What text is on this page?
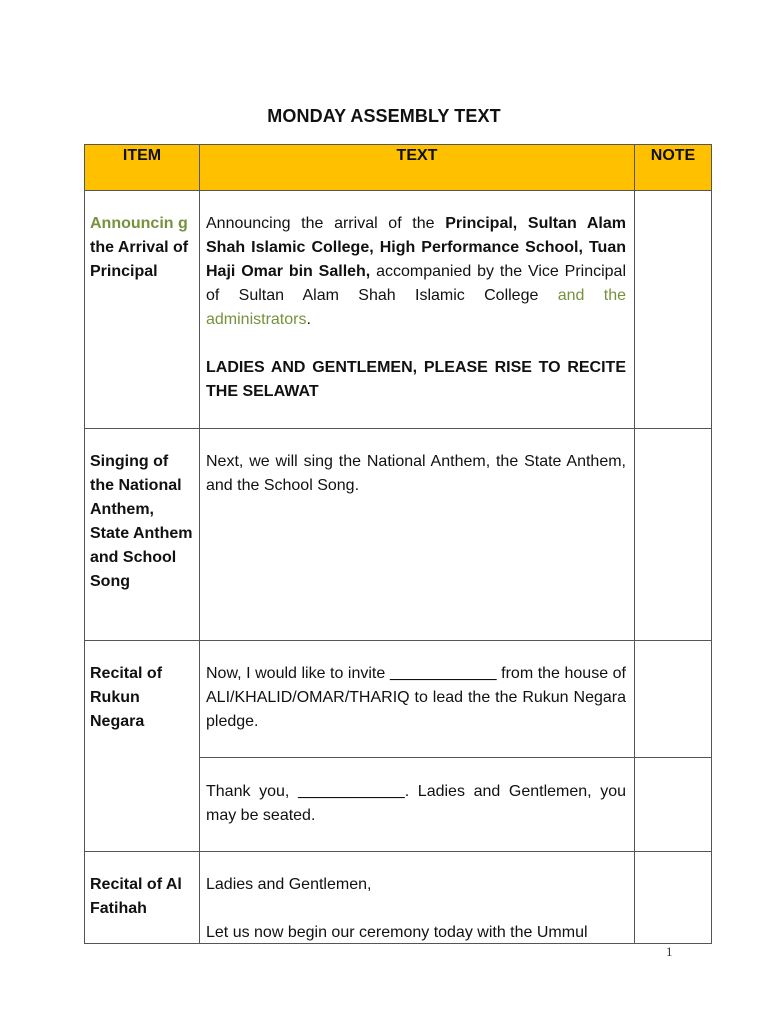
MONDAY ASSEMBLY TEXT
ITEM	TEXT	NOTE
Announcin g the Arrival of Principal

Announcing the arrival of the Principal, Sultan Alam Shah Islamic College, High Performance School, Tuan Haji Omar bin Salleh, accompanied by the Vice Principal of Sultan Alam Shah Islamic College and the administrators.

LADIES AND GENTLEMEN, PLEASE RISE TO RECITE THE SELAWAT

Singing of the National Anthem, State Anthem and School Song
Next, we will sing the National Anthem, the State Anthem, and the School Song.
Recital of Rukun Negara

Now, I would like to invite ____________ from the house of ALI/KHALID/OMAR/THARIQ to lead the the Rukun Negara pledge.

Thank you, ____________. Ladies and Gentlemen, you may be seated.

Recital of Al Fatihah

Ladies and Gentlemen,

Let us now begin our ceremony today with the Ummul

1
